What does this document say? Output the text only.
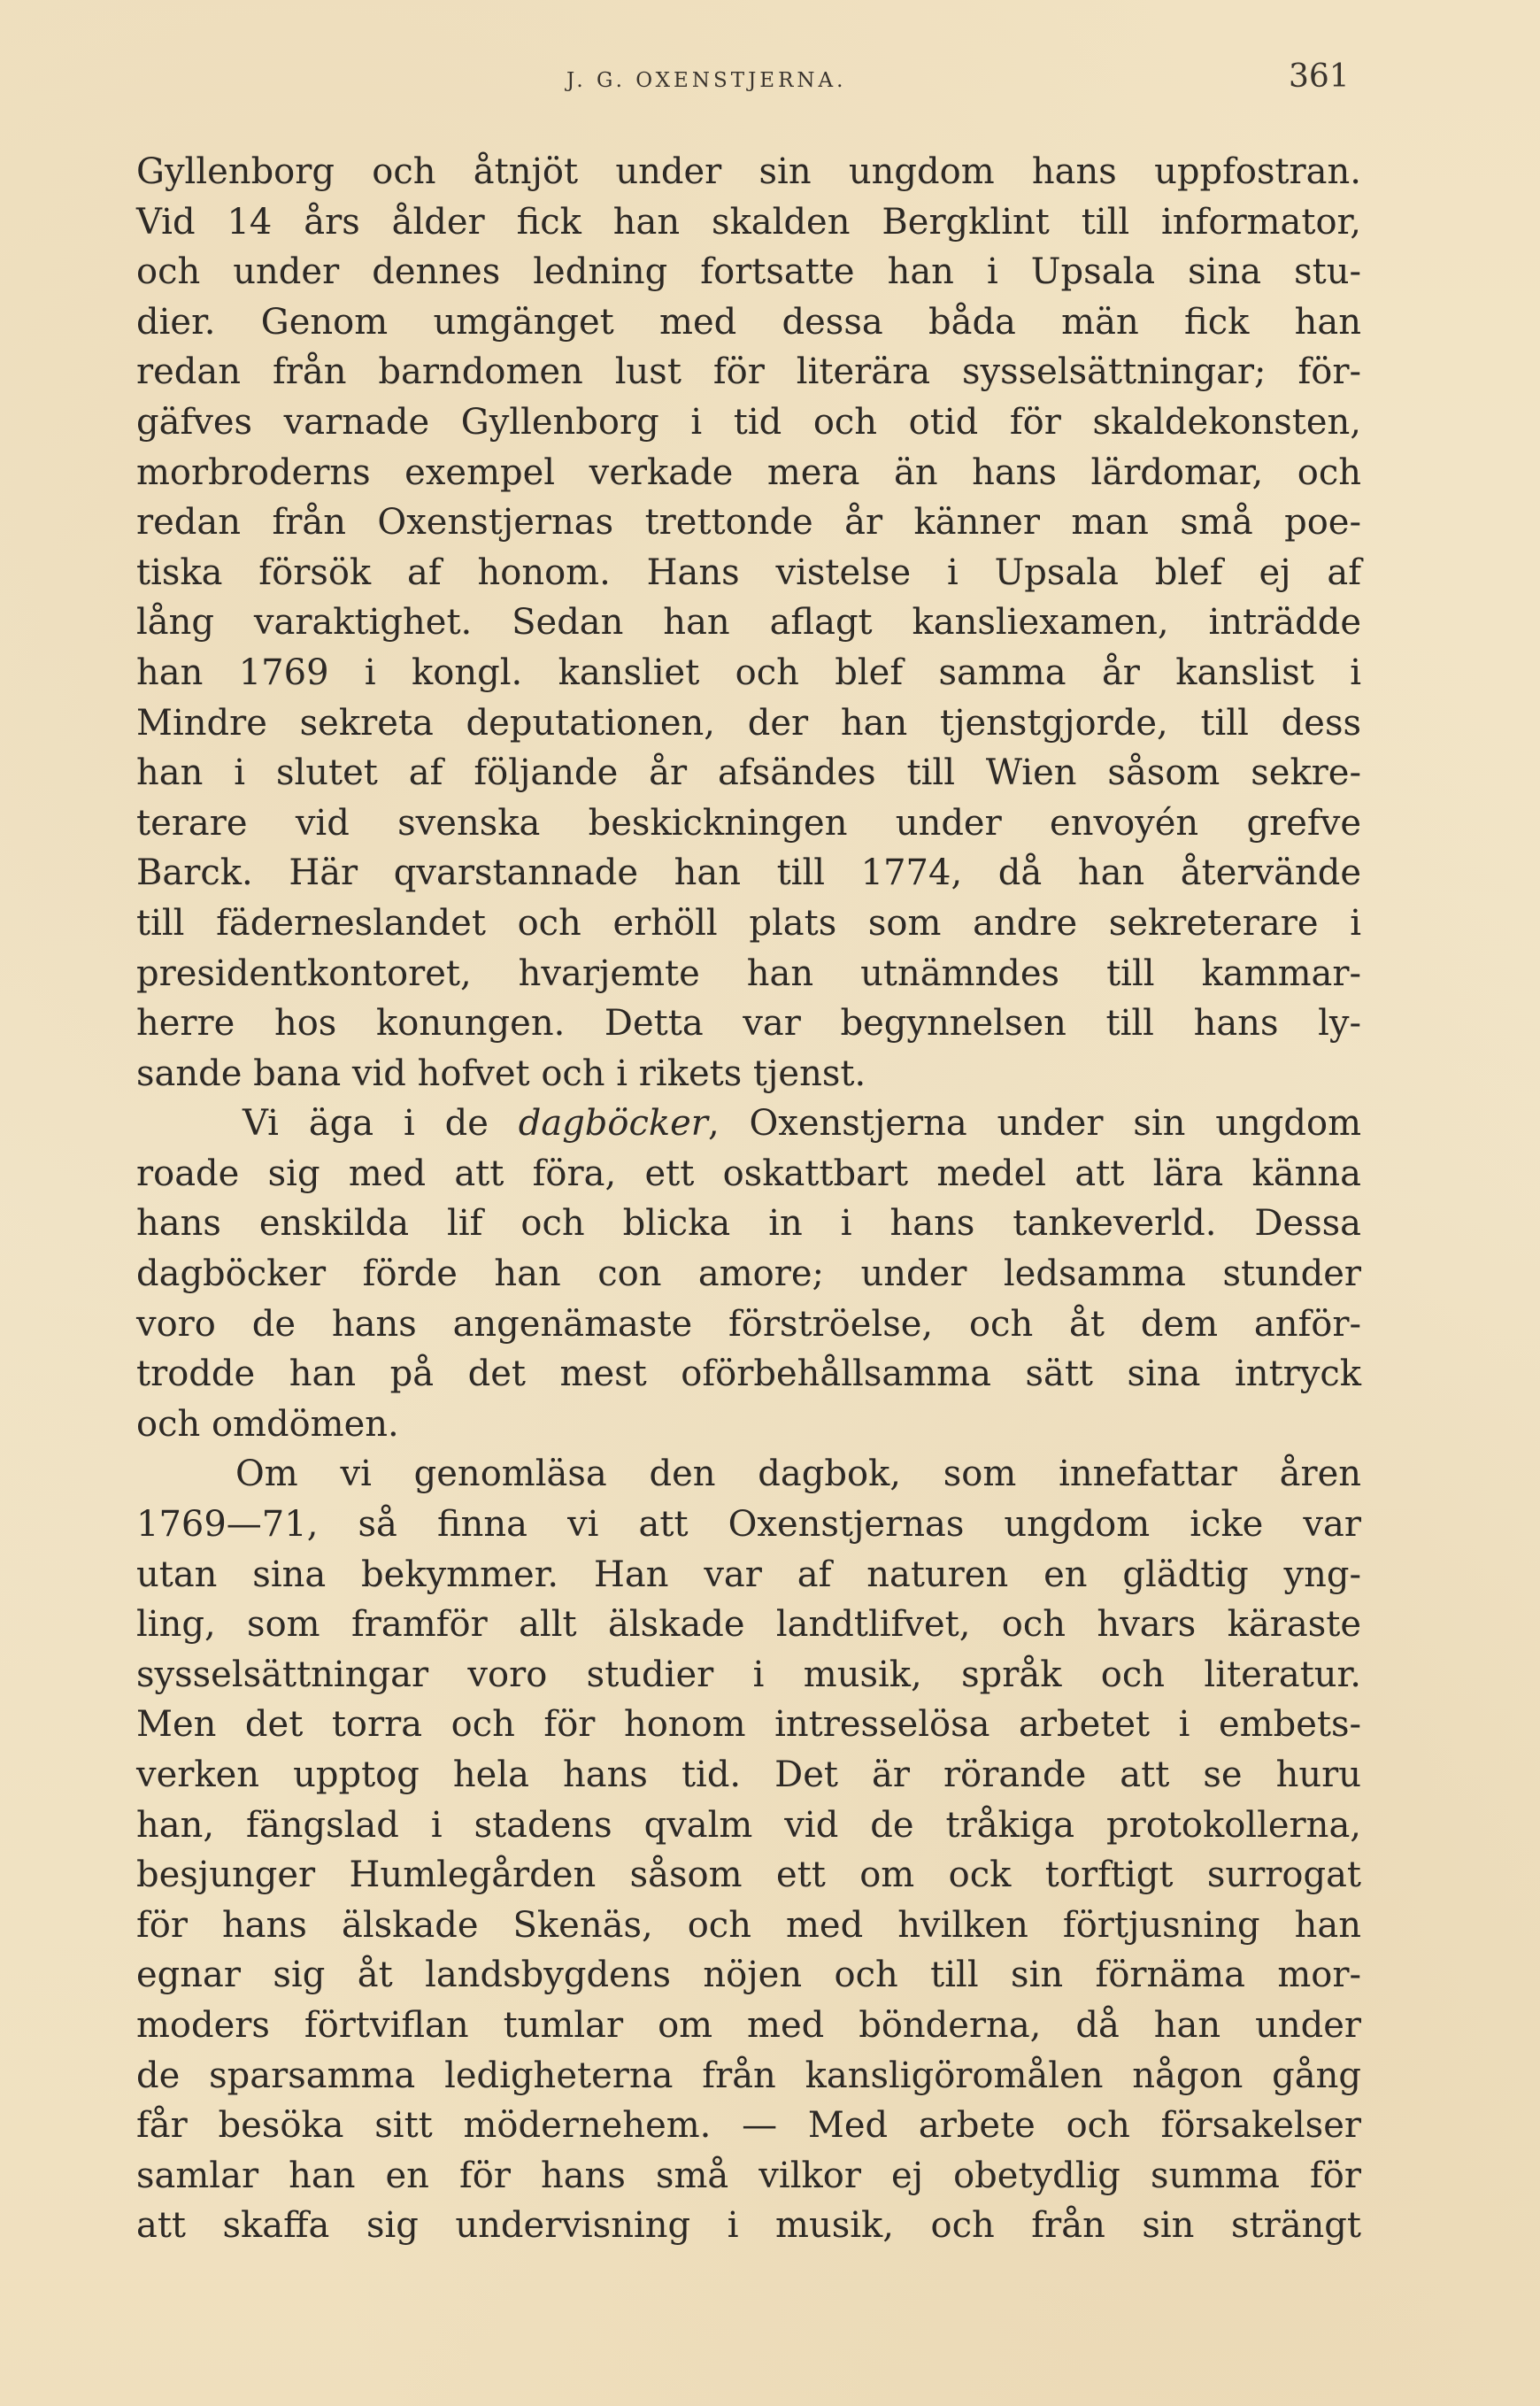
J. G. OXENSTJERNA.	361
Gyllenborg och åtnjöt under sin ungdom hans uppfostran.
Vid 14 års ålder fick han skalden Bergklint till informator,
och under dennes ledning fortsatte han i Upsala sina stu-
dier. Genom umgänget med dessa båda män fick han
redan från barndomen lust för literära sysselsättningar; för-
gäfves varnade Gyllenborg i tid och otid för skaldekonsten,
morbroderns exempel verkade mera än hans lärdomar, och
redan från Oxenstjernas trettonde år känner man små poe-
tiska försök af honom. Hans vistelse i Upsala blef ej af
lång varaktighet. Sedan han aflagt kansliexamen, inträdde
han 1769 i kongl. kansliet och blef samma år kanslist i
Mindre sekreta deputationen, der han tjenstgjorde, till dess
han i slutet af följande år afsändes till Wien såsom sekre-
terare vid svenska beskickningen under envoyén grefve
Barck. Här qvarstannade han till 1774, då han återvände
till fäderneslandet och erhöll plats som andre sekreterare i
presidentkontoret, hvarjemte han utnämndes till kammar-
herre hos konungen. Detta var begynnelsen till hans ly-
sande bana vid hofvet och i rikets tjenst.
Vi äga i de dagböcker, Oxenstjerna under sin ungdom
roade sig med att föra, ett oskattbart medel att lära känna
hans enskilda lif och blicka in i hans tankeverld. Dessa
dagböcker förde han con amore; under ledsamma stunder
voro de hans angenämaste förströelse, och åt dem anför-
trodde han på det mest oförbehållsamma sätt sina intryck
och omdömen.
Om vi genomläsa den dagbok, som innefattar åren
1769—71, så finna vi att Oxenstjernas ungdom icke var
utan sina bekymmer. Han var af naturen en glädtig yng-
ling, som framför allt älskade landtlifvet, och hvars käraste
sysselsättningar voro studier i musik, språk och literatur.
Men det torra och för honom intresselösa arbetet i embets-
verken upptog hela hans tid. Det är rörande att se huru
han, fängslad i stadens qvalm vid de tråkiga protokollerna,
besjunger Humlegården såsom ett om ock torftigt surrogat
för hans älskade Skenäs, och med hvilken förtjusning han
egnar sig åt landsbygdens nöjen och till sin förnäma mor-
moders förtviflan tumlar om med bönderna, då han under
de sparsamma ledigheterna från kansligöromålen någon gång
får besöka sitt mödernehem. — Med arbete och försakelser
samlar han en för hans små vilkor ej obetydlig summa för
att skaffa sig undervisning i musik, och från sin strängt
